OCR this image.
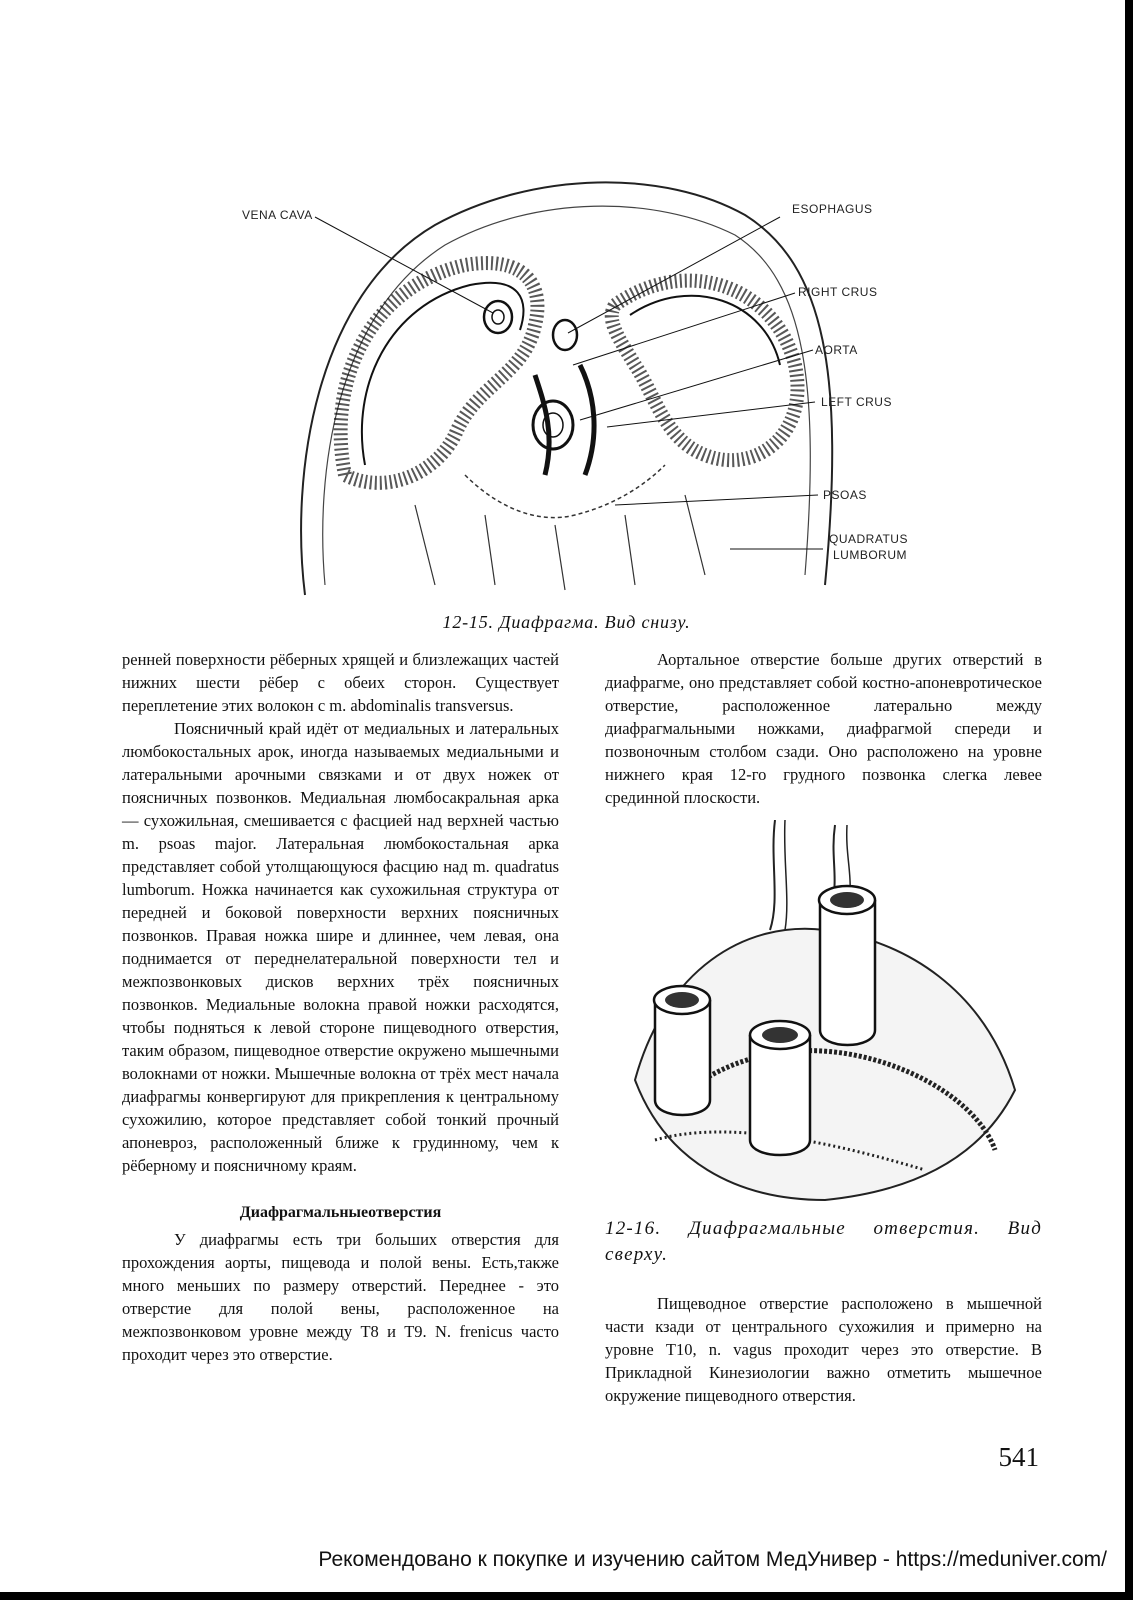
VENA CAVA	ESOPHAGUS
RIGHT CRUS
AORTA
LEFT CRUS
PSOAS
QUADRATUS
LUMBORUM
12-15. Диафрагма. Вид снизу.

ренней поверхности рёберных хрящей и близлежащих частей нижних шести рёбер с обеих сторон. Существует переплетение этих волокон с m. abdominalis transversus.

Поясничный край идёт от медиальных и латеральных люмбокостальных арок, иногда называемых медиальными и латеральными арочными связками и от двух ножек от поясничных позвонков. Медиальная люмбосакральная арка — сухожильная, смешивается с фасцией над верхней частью m. psoas major. Латеральная люмбокостальная арка представляет собой утолщающуюся фасцию над m. quadratus lumborum. Ножка начинается как сухожильная структура от передней и боковой поверхности верхних поясничных позвонков. Правая ножка шире и длиннее, чем левая, она поднимается от переднелатеральной поверхности тел и межпозвонковых дисков верхних трёх поясничных позвонков. Медиальные волокна правой ножки расходятся, чтобы подняться к левой стороне пищеводного отверстия, таким образом, пищеводное отверстие окружено мышечными волокнами от ножки. Мышечные волокна от трёх мест начала диафрагмы конвергируют для прикрепления к центральному сухожилию, которое представляет собой тонкий прочный апоневроз, расположенный ближе к грудинному, чем к рёберному и поясничному краям.

Диафрагмальныеотверстия

У диафрагмы есть три больших отверстия для прохождения аорты, пищевода и полой вены. Есть,также много меньших по размеру отверстий. Переднее - это отверстие для полой вены, расположенное на межпозвонковом уровне между T8 и T9. N. frenicus часто проходит через это отверстие.

Аортальное отверстие больше других отверстий в диафрагме, оно представляет собой костно-апоневротическое отверстие, расположенное латерально между диафрагмальными ножками, диафрагмой спереди и позвоночным столбом сзади. Оно расположено на уровне нижнего края 12-го грудного позвонка слегка левее срединной плоскости.

12-16. Диафрагмальные отверстия. Вид сверху.

Пищеводное отверстие расположено в мышечной части кзади от центрального сухожилия и примерно на уровне T10, n. vagus проходит через это отверстие. В Прикладной Кинезиологии важно отметить мышечное окружение пищеводного отверстия.

541
Рекомендовано к покупке и изучению сайтом МедУнивер - https://meduniver.com/
